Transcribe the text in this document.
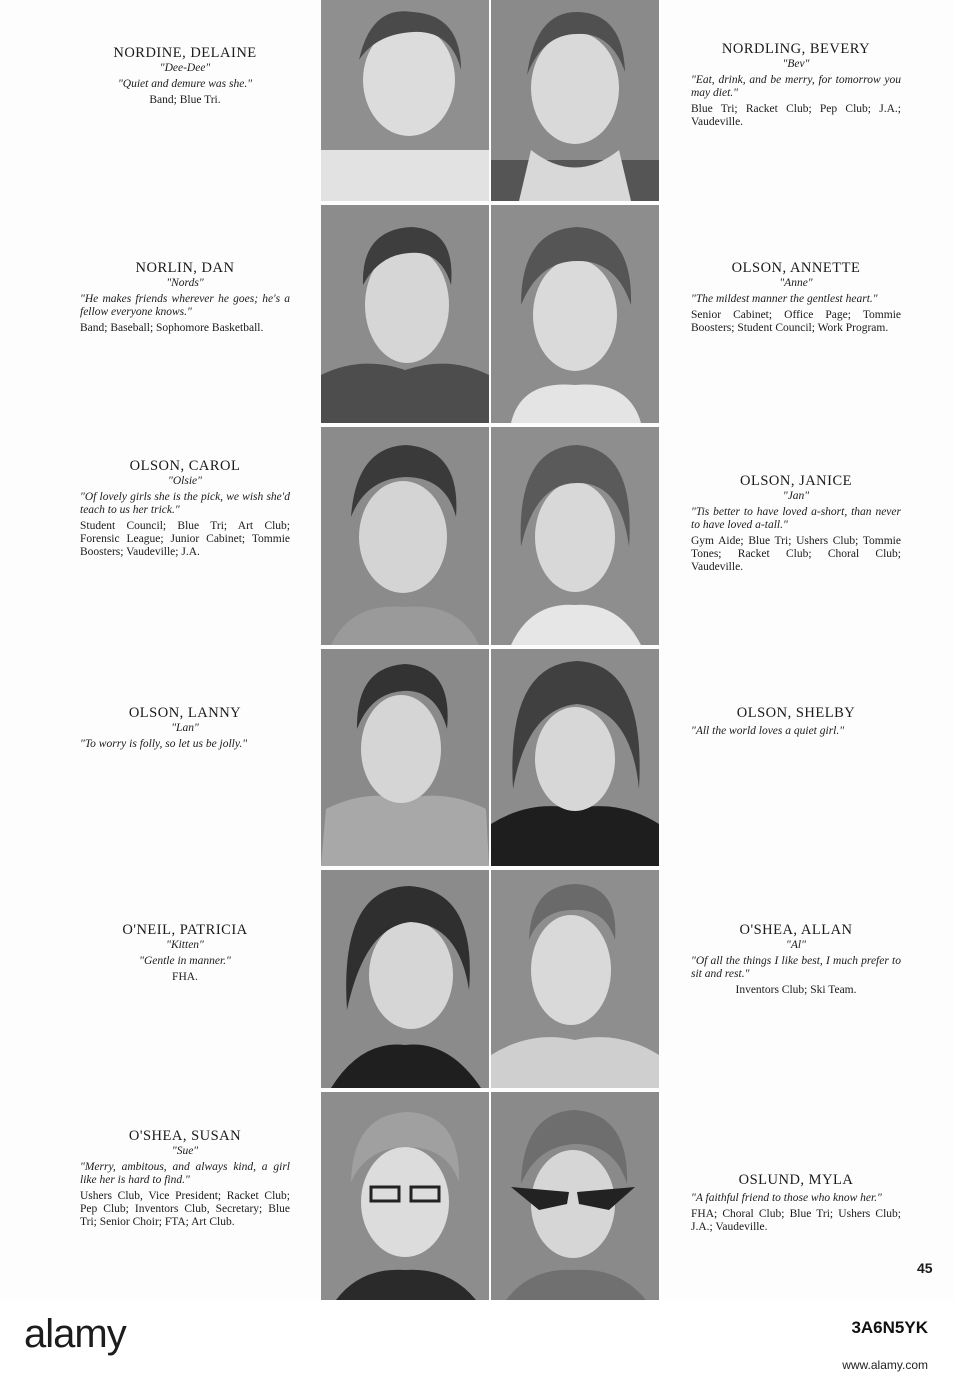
NORDINE, DELAINE
"Dee-Dee"
"Quiet and demure was she."
Band; Blue Tri.
NORDLING, BEVERY
"Bev"
"Eat, drink, and be merry, for tomorrow you may diet."
Blue Tri; Racket Club; Pep Club; J.A.; Vaudeville.
NORLIN, DAN
"Nords"
"He makes friends wherever he goes; he's a fellow everyone knows."
Band; Baseball; Sophomore Basketball.
OLSON, ANNETTE
"Anne"
"The mildest manner the gentlest heart."
Senior Cabinet; Office Page; Tommie Boosters; Student Council; Work Program.
OLSON, CAROL
"Olsie"
"Of lovely girls she is the pick, we wish she'd teach to us her trick."
Student Council; Blue Tri; Art Club; Forensic League; Junior Cabinet; Tommie Boosters; Vaudeville; J.A.
OLSON, JANICE
"Jan"
"Tis better to have loved a-short, than never to have loved a-tall."
Gym Aide; Blue Tri; Ushers Club; Tommie Tones; Racket Club; Choral Club; Vaudeville.
OLSON, LANNY
"Lan"
"To worry is folly, so let us be jolly."
OLSON, SHELBY
"All the world loves a quiet girl."
O'NEIL, PATRICIA
"Kitten"
"Gentle in manner."
FHA.
O'SHEA, ALLAN
"Al"
"Of all the things I like best, I much prefer to sit and rest."
Inventors Club; Ski Team.
O'SHEA, SUSAN
"Sue"
"Merry, ambitous, and always kind, a girl like her is hard to find."
Ushers Club, Vice President; Racket Club; Pep Club; Inventors Club, Secretary; Blue Tri; Senior Choir; FTA; Art Club.
OSLUND, MYLA
"A faithful friend to those who know her."
FHA; Choral Club; Blue Tri; Ushers Club; J.A.; Vaudeville.
45
alamy	3A6N5YK
www.alamy.com
